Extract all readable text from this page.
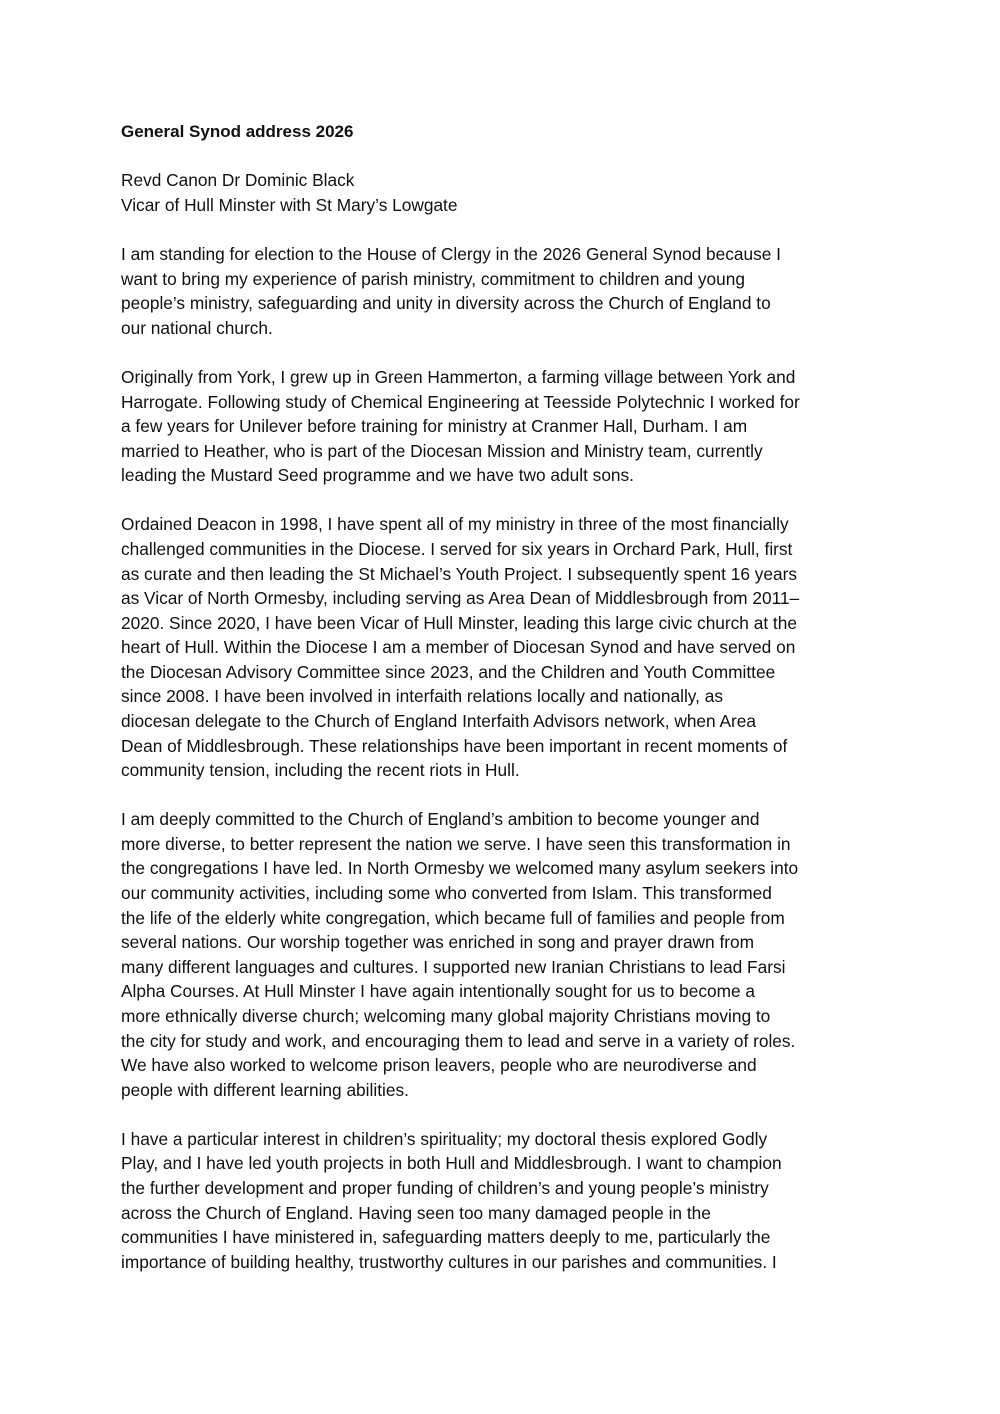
General Synod address 2026
Revd Canon Dr Dominic Black
Vicar of Hull Minster with St Mary’s Lowgate
I am standing for election to the House of Clergy in the 2026 General Synod because I
want to bring my experience of parish ministry, commitment to children and young
people’s ministry, safeguarding and unity in diversity across the Church of England to
our national church.
Originally from York, I grew up in Green Hammerton, a farming village between York and
Harrogate. Following study of Chemical Engineering at Teesside Polytechnic I worked for
a few years for Unilever before training for ministry at Cranmer Hall, Durham. I am
married to Heather, who is part of the Diocesan Mission and Ministry team, currently
leading the Mustard Seed programme and we have two adult sons.
Ordained Deacon in 1998, I have spent all of my ministry in three of the most financially
challenged communities in the Diocese. I served for six years in Orchard Park, Hull, first
as curate and then leading the St Michael’s Youth Project. I subsequently spent 16 years
as Vicar of North Ormesby, including serving as Area Dean of Middlesbrough from 2011–
2020. Since 2020, I have been Vicar of Hull Minster, leading this large civic church at the
heart of Hull. Within the Diocese I am a member of Diocesan Synod and have served on
the Diocesan Advisory Committee since 2023, and the Children and Youth Committee
since 2008. I have been involved in interfaith relations locally and nationally, as
diocesan delegate to the Church of England Interfaith Advisors network, when Area
Dean of Middlesbrough. These relationships have been important in recent moments of
community tension, including the recent riots in Hull.
I am deeply committed to the Church of England’s ambition to become younger and
more diverse, to better represent the nation we serve. I have seen this transformation in
the congregations I have led. In North Ormesby we welcomed many asylum seekers into
our community activities, including some who converted from Islam. This transformed
the life of the elderly white congregation, which became full of families and people from
several nations. Our worship together was enriched in song and prayer drawn from
many different languages and cultures. I supported new Iranian Christians to lead Farsi
Alpha Courses. At Hull Minster I have again intentionally sought for us to become a
more ethnically diverse church; welcoming many global majority Christians moving to
the city for study and work, and encouraging them to lead and serve in a variety of roles.
We have also worked to welcome prison leavers, people who are neurodiverse and
people with different learning abilities.
I have a particular interest in children’s spirituality; my doctoral thesis explored Godly
Play, and I have led youth projects in both Hull and Middlesbrough. I want to champion
the further development and proper funding of children’s and young people’s ministry
across the Church of England. Having seen too many damaged people in the
communities I have ministered in, safeguarding matters deeply to me, particularly the
importance of building healthy, trustworthy cultures in our parishes and communities. I
